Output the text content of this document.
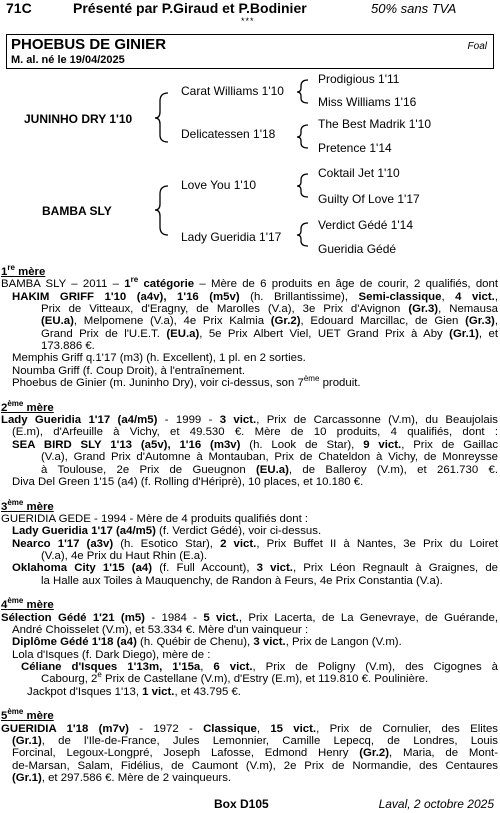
71C	Présenté par P.Giraud et P.Bodinier	50% sans TVA
***
PHOEBUS DE GINIER	Foal
M. al. né le 19/04/2025
JUNINHO DRY 1'10
BAMBA SLY
Carat Williams 1'10
Delicatessen 1'18
Love You 1'10
Lady Gueridia 1'17
Prodigious 1'11
Miss Williams 1'16
The Best Madrik 1'10
Pretence 1'14
Coktail Jet 1'10
Guilty Of Love 1'17
Verdict Gédé 1'14
Gueridia Gédé
1re mère
BAMBA SLY – 2011 – 1re catégorie – Mère de 6 produits en âge de courir, 2 qualifiés, dont
HAKIM GRIFF 1'10 (a4v), 1'16 (m5v) (h. Brillantissime), Semi-classique, 4 vict.,
Prix de Vitteaux, d'Eragny, de Marolles (V.a), 3e Prix d'Avignon (Gr.3), Nemausa
(EU.a), Melpomene (V.a), 4e Prix Kalmia (Gr.2), Edouard Marcillac, de Gien (Gr.3),
Grand Prix de l'U.E.T. (EU.a), 5e Prix Albert Viel, UET Grand Prix à Aby (Gr.1), et
173.886 €.
Memphis Griff q.1'17 (m3) (h. Excellent), 1 pl. en 2 sorties.
Noumba Griff (f. Coup Droit), à l'entraînement.
Phoebus de Ginier (m. Juninho Dry), voir ci-dessus, son 7ème produit.
2ème mère
Lady Gueridia 1'17 (a4/m5) - 1999 - 3 vict., Prix de Carcassonne (V.m), du Beaujolais
(E.m), d'Arfeuille à Vichy, et 49.530 €. Mère de 10 produits, 4 qualifiés, dont :
SEA BIRD SLY 1'13 (a5v), 1'16 (m3v) (h. Look de Star), 9 vict., Prix de Gaillac
(V.a), Grand Prix d'Automne à Montauban, Prix de Chateldon à Vichy, de Monreysse
à Toulouse, 2e Prix de Gueugnon (EU.a), de Balleroy (V.m), et 261.730 €.
Diva Del Green 1'15 (a4) (f. Rolling d'Hériprè), 10 places, et 10.180 €.
3ème mère
GUERIDIA GEDE - 1994 - Mère de 4 produits qualifiés dont :
Lady Gueridia 1'17 (a4/m5) (f. Verdict Gédé), voir ci-dessus.
Nearco 1'17 (a3v) (h. Esotico Star), 2 vict., Prix Buffet II à Nantes, 3e Prix du Loiret
(V.a), 4e Prix du Haut Rhin (E.a).
Oklahoma City 1'15 (a4) (f. Full Account), 3 vict., Prix Léon Regnault à Graignes, de
la Halle aux Toiles à Mauquenchy, de Randon à Feurs, 4e Prix Constantia (V.a).
4ème mère
Sélection Gédé 1'21 (m5) - 1984 - 5 vict., Prix Lacerta, de La Genevraye, de Guérande,
André Choisselet (V.m), et 53.334 €. Mère d'un vainqueur :
Diplôme Gédé 1'18 (a4) (h. Québir de Chenu), 3 vict., Prix de Langon (V.m).
Lola d'Isques (f. Dark Diego), mère de :
Céliane d'Isques 1'13m, 1'15a, 6 vict., Prix de Poligny (V.m), des Cigognes à
Cabourg, 2e Prix de Castellane (V.m), d'Estry (E.m), et 119.810 €. Poulinière.
Jackpot d'Isques 1'13, 1 vict., et 43.795 €.
5ème mère
GUERIDIA 1'18 (m7v) - 1972 - Classique, 15 vict., Prix de Cornulier, des Elites
(Gr.1), de l'Ile-de-France, Jules Lemonnier, Camille Lepecq, de Londres, Louis
Forcinal, Legoux-Longpré, Joseph Lafosse, Edmond Henry (Gr.2), Maria, de Mont-
de-Marsan, Salam, Fidélius, de Caumont (V.m), 2e Prix de Normandie, des Centaures
(Gr.1), et 297.586 €. Mère de 2 vainqueurs.
Box D105	Laval, 2 octobre 2025
